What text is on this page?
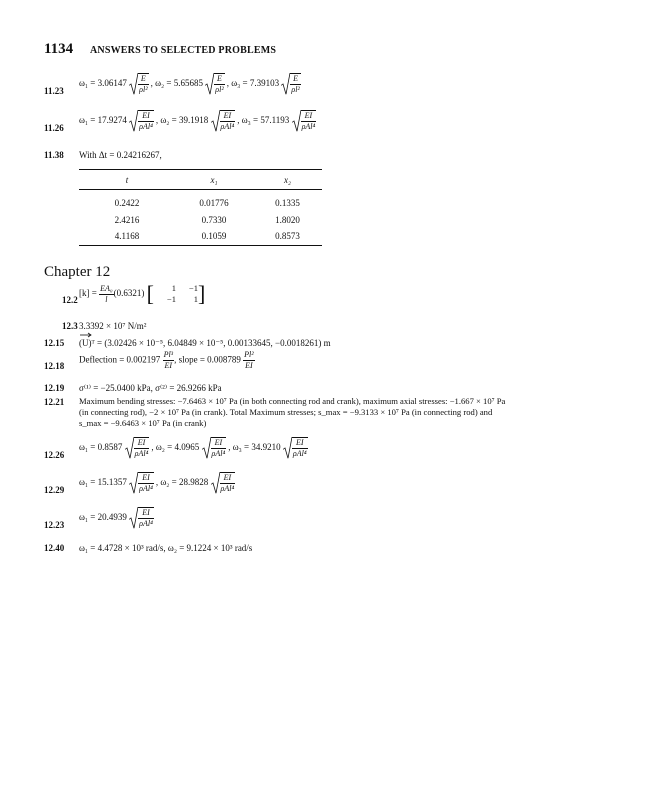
1134 ANSWERS TO SELECTED PROBLEMS
11.23
$\omega_1 = 3.06147 \frac{E}{\text{ρl²}}$ , $\omega_2 = 5.65685 \frac{E}{\text{ρl²}}$ , $\omega_3 = 7.39103 \frac{E}{\text{ρl²}}$
11.26
$\omega_1 = 17.9274 \frac{EI}{\text{ρAl⁴}}$ , $\omega_2 = 39.1918 \frac{EI}{\text{ρAl⁴}}$ , $\omega_3 = 57.1193 \frac{EI}{\text{ρAl⁴}}$
11.38 With Δt = 0.24216267,
t	x₁	x₂

0.2422	0.01776	0.1335
2.4216	0.7330	1.8020
4.1168	0.1059	0.8573
Chapter 12
12.2
$[k] = \frac{\text{EA₀}}{l} (0.6321)$ [ 1	−1
−1	1 ]
12.3 3.3392 × 10⁷ N/m²
12.15 (U)ᵀ = (3.02426 × 10⁻⁵, 6.04849 × 10⁻⁵, 0.00133645, −0.0018261) m
12.18
Deflection = $0.002197 \frac{\text{Pl³}}{EI}$ , slope = $0.008789 \frac{\text{Pl²}}{EI}$
12.19 σ⁽¹⁾ = −25.0400 kPa, σ⁽²⁾ = 26.9266 kPa
12.21 Maximum bending stresses: −7.6463 × 10⁷ Pa (in both connecting rod and crank), maximum axial stresses: −1.667 × 10⁷ Pa
(in connecting rod), −2 × 10⁷ Pa (in crank). Total Maximum stresses; s_max = −9.3133 × 10⁷ Pa (in connecting rod) and
s_max = −9.6463 × 10⁷ Pa (in crank)
12.26
$\omega_1 = 0.8587 \frac{EI}{\text{ρAl⁴}}$ , $\omega_2 = 4.0965 \frac{EI}{\text{ρAl⁴}}$ , $\omega_3 = 34.9210 \frac{EI}{\text{ρAl⁴}}$
12.29
$\omega_1 = 15.1357 \frac{EI}{\text{ρAl⁴}}$ , $\omega_2 = 28.9828 \frac{EI}{\text{ρAl⁴}}$
12.23
$\omega_1 = 20.4939 \frac{EI}{\text{ρAl⁴}}$
12.40 ω₁ = 4.4728 × 10³ rad/s, ω₂ = 9.1224 × 10³ rad/s
